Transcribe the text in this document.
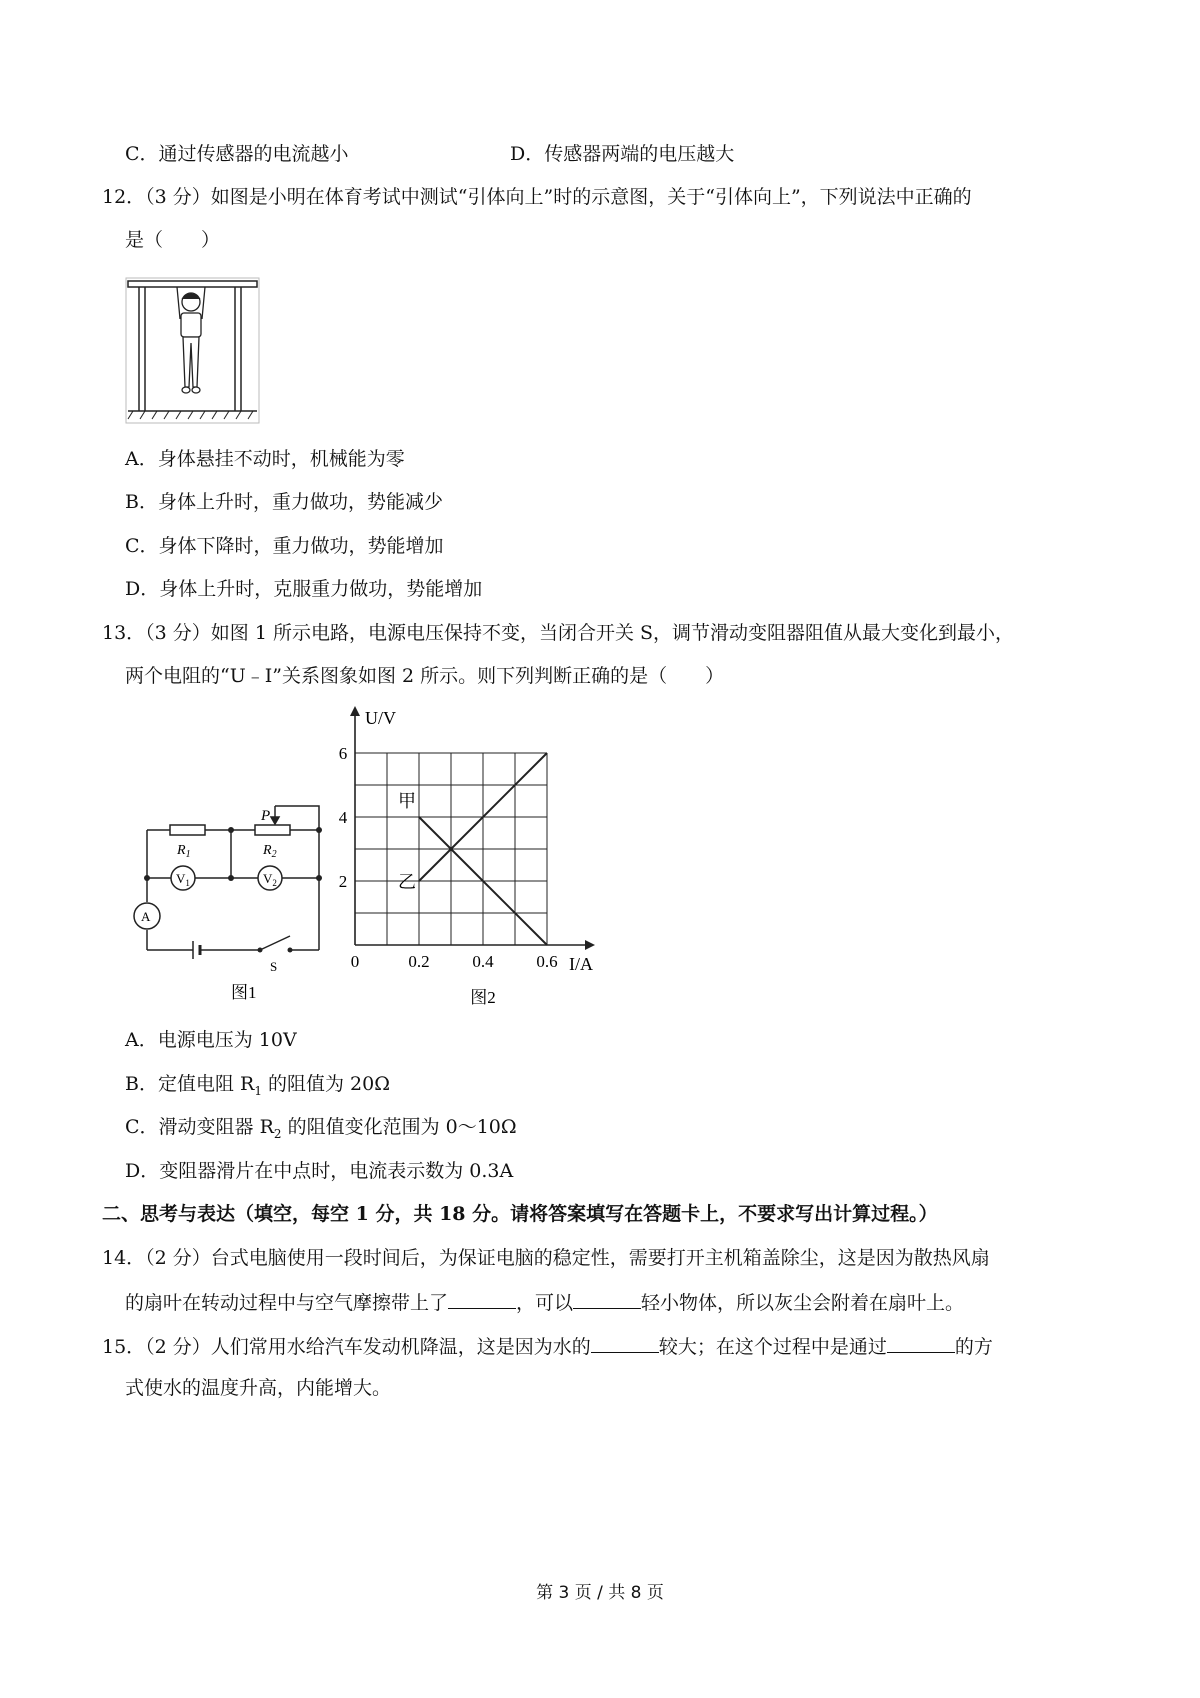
C．通过传感器的电流越小	D．传感器两端的电压越大
12．（3 分）如图是小明在体育考试中测试“引体向上”时的示意图，关于“引体向上”，下列说法中正确的
是（　　）
A．身体悬挂不动时，机械能为零
B．身体上升时，重力做功，势能减少
C．身体下降时，重力做功，势能增加
D．身体上升时，克服重力做功，势能增加
13．（3 分）如图 1 所示电路，电源电压保持不变，当闭合开关 S，调节滑动变阻器阻值从最大变化到最小，
两个电阻的“U﹣I”关系图象如图 2 所示。则下列判断正确的是（　　）
P
$R_1$	$R_2$
$V_1$	$V_2$
A
S
图1
U/V
I/A
0	0.2	0.4	0.6
2
4
6
甲
乙
图2
A．电源电压为 10V
B．定值电阻 $R_1$ 的阻值为 20Ω
C．滑动变阻器 $R_2$ 的阻值变化范围为 0～10Ω
D．变阻器滑片在中点时，电流表示数为 0.3A
二、思考与表达（填空，每空 1 分，共 18 分。请将答案填写在答题卡上，不要求写出计算过程。）
14．（2 分）台式电脑使用一段时间后，为保证电脑的稳定性，需要打开主机箱盖除尘，这是因为散热风扇
的扇叶在转动过程中与空气摩擦带上了	，可以	轻小物体，所以灰尘会附着在扇叶上。
15．（2 分）人们常用水给汽车发动机降温，这是因为水的	较大；在这个过程中是通过	的方
式使水的温度升高，内能增大。
第 3 页 / 共 8 页
